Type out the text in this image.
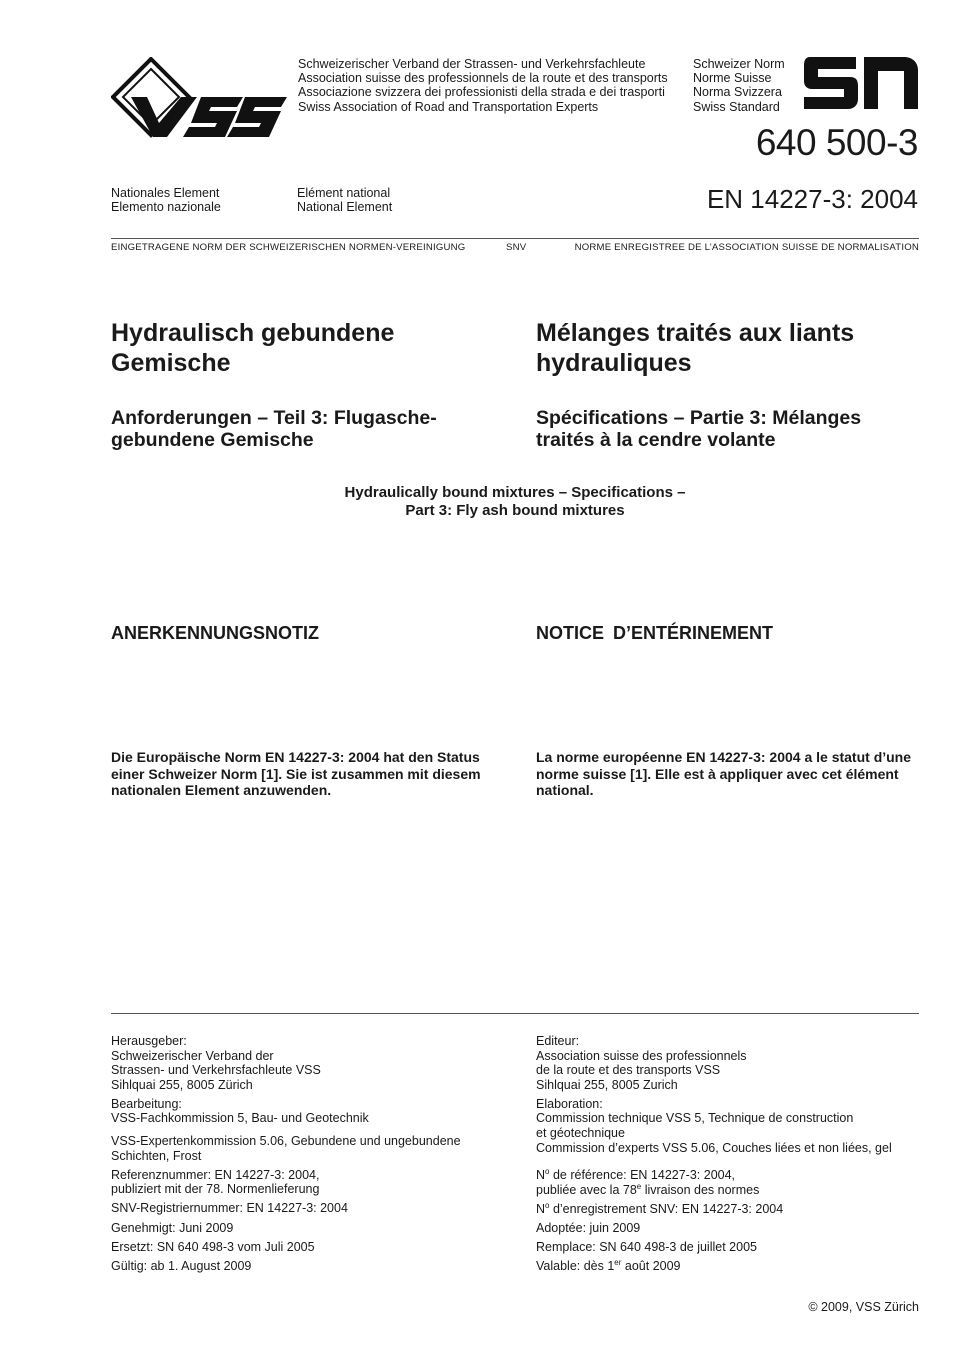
Schweizerischer Verband der Strassen- und Verkehrsfachleute
Association suisse des professionnels de la route et des transports
Associazione svizzera dei professionisti della strada e dei trasporti
Swiss Association of Road and Transportation Experts
Schweizer Norm
Norme Suisse
Norma Svizzera
Swiss Standard
640 500-3
Nationales Element
Elemento nazionale
Elément national
National Element	EN 14227-3: 2004
EINGETRAGENE NORM DER SCHWEIZERISCHEN NORMEN-VEREINIGUNG	SNV	NORME ENREGISTREE DE L’ASSOCIATION SUISSE DE NORMALISATION
Hydraulisch gebundene
Gemische
Mélanges traités aux liants
hydrauliques
Anforderungen – Teil 3: Flugasche-
gebundene Gemische
Spécifications – Partie 3: Mélanges
traités à la cendre volante
Hydraulically bound mixtures – Specifications –
Part 3: Fly ash bound mixtures
ANERKENNUNGSNOTIZ	NOTICE D’ENTÉRINEMENT
Die Europäische Norm EN 14227-3: 2004 hat den Status
einer Schweizer Norm [1]. Sie ist zusammen mit diesem
nationalen Element anzuwenden.
La norme européenne EN 14227-3: 2004 a le statut d’une
norme suisse [1]. Elle est à appliquer avec cet élément
national.

Herausgeber:
Schweizerischer Verband der
Strassen- und Verkehrsfachleute VSS
Sihlquai 255, 8005 Zürich

Bearbeitung:
VSS-Fachkommission 5, Bau- und Geotechnik

VSS-Expertenkommission 5.06, Gebundene und ungebundene
Schichten, Frost

Referenznummer: EN 14227-3: 2004,
publiziert mit der 78. Normenlieferung

SNV-Registriernummer: EN 14227-3: 2004

Genehmigt: Juni 2009

Ersetzt: SN 640 498-3 vom Juli 2005

Gültig: ab 1. August 2009

Editeur:
Association suisse des professionnels
de la route et des transports VSS
Sihlquai 255, 8005 Zurich

Elaboration:
Commission technique VSS 5, Technique de construction
et géotechnique
Commission d’experts VSS 5.06, Couches liées et non liées, gel

$N^o$ de référence: EN 14227-3: 2004,
publiée avec la 78e livraison des normes

$N^o$ d’enregistrement SNV: EN 14227-3: 2004

Adoptée: juin 2009

Remplace: SN 640 498-3 de juillet 2005

Valable: dès 1er août 2009

© 2009, VSS Zürich
